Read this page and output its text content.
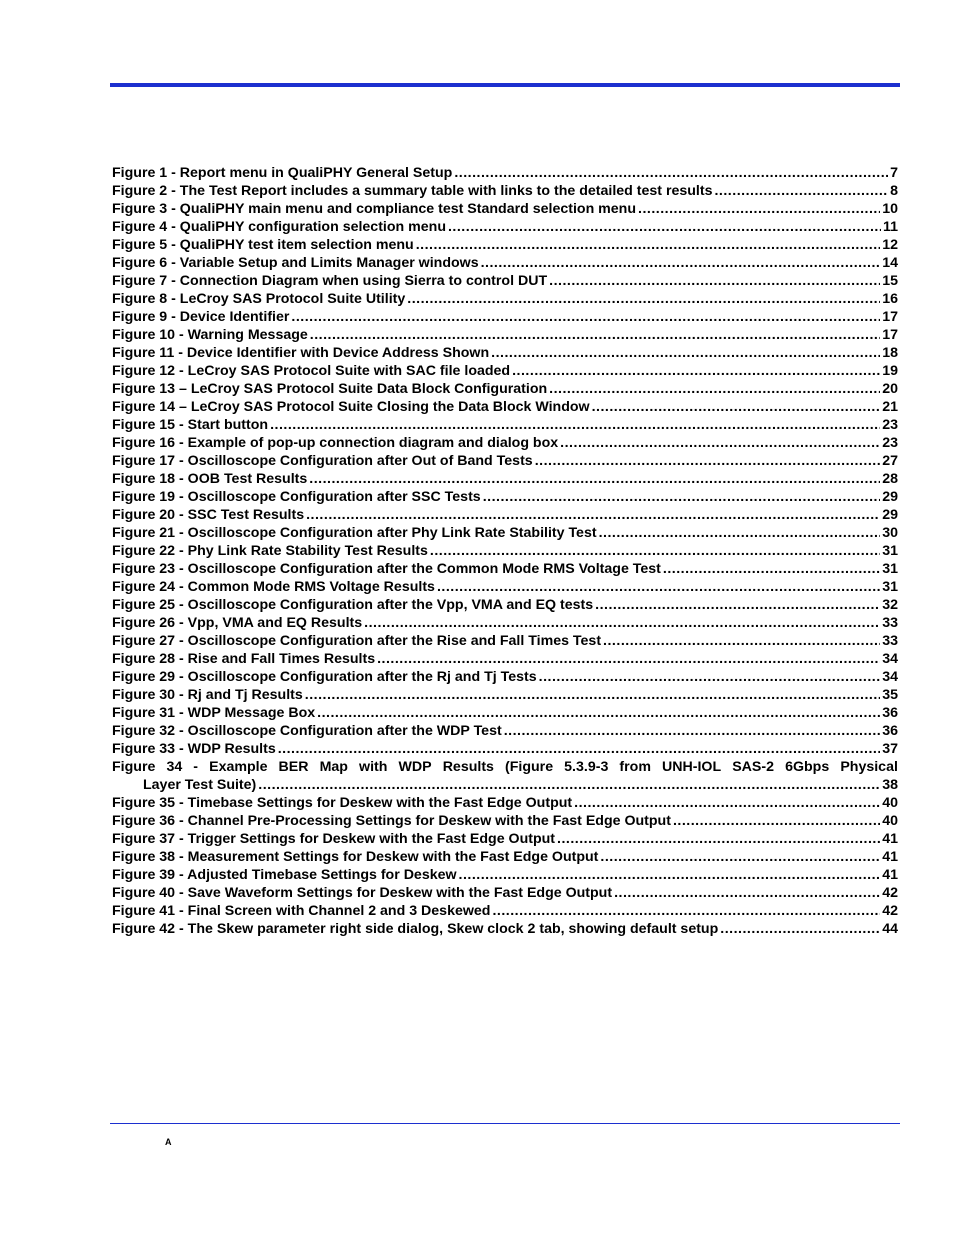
Figure 1 - Report menu in QualiPHY General Setup .....	7
Figure 2 - The Test Report includes a summary table with links to the detailed test results .....	8
Figure 3 - QualiPHY main menu and compliance test Standard selection menu .....	10
Figure 4 - QualiPHY configuration selection menu .....	11
Figure 5 - QualiPHY test item selection menu .....	12
Figure 6 - Variable Setup and Limits Manager windows .....	14
Figure 7 - Connection Diagram when using Sierra to control DUT .....	15
Figure 8 - LeCroy SAS Protocol Suite Utility .....	16
Figure 9 - Device Identifier .....	17
Figure 10 - Warning Message .....	17
Figure 11 - Device Identifier with Device Address Shown .....	18
Figure 12 - LeCroy SAS Protocol Suite with SAC file loaded .....	19
Figure 13 – LeCroy SAS Protocol Suite Data Block Configuration .....	20
Figure 14 – LeCroy SAS Protocol Suite Closing the Data Block Window .....	21
Figure 15 - Start button .....	23
Figure 16 - Example of pop-up connection diagram and dialog box .....	23
Figure 17 - Oscilloscope Configuration after Out of Band Tests .....	27
Figure 18 - OOB Test Results .....	28
Figure 19 - Oscilloscope Configuration after SSC Tests .....	29
Figure 20 - SSC Test Results .....	29
Figure 21 - Oscilloscope Configuration after Phy Link Rate Stability Test .....	30
Figure 22 - Phy Link Rate Stability Test Results .....	31
Figure 23 - Oscilloscope Configuration after the Common Mode RMS Voltage Test .....	31
Figure 24 - Common Mode RMS Voltage Results .....	31
Figure 25 - Oscilloscope Configuration after the Vpp, VMA and EQ tests .....	32
Figure 26 - Vpp, VMA and EQ Results .....	33
Figure 27 - Oscilloscope Configuration after the Rise and Fall Times Test .....	33
Figure 28 - Rise and Fall Times Results .....	34
Figure 29 - Oscilloscope Configuration after the Rj and Tj Tests .....	34
Figure 30 - Rj and Tj Results .....	35
Figure 31 - WDP Message Box .....	36
Figure 32 - Oscilloscope Configuration after the WDP Test .....	36
Figure 33 - WDP Results .....	37
Figure 34 - Example BER Map with WDP Results (Figure 5.3.9-3 from UNH-IOL SAS-2 6Gbps Physical
Layer Test Suite) .....	38
Figure 35 - Timebase Settings for Deskew with the Fast Edge Output .....	40
Figure 36 - Channel Pre-Processing Settings for Deskew with the Fast Edge Output .....	40
Figure 37 - Trigger Settings for Deskew with the Fast Edge Output .....	41
Figure 38 - Measurement Settings for Deskew with the Fast Edge Output .....	41
Figure 39 - Adjusted Timebase Settings for Deskew .....	41
Figure 40 - Save Waveform Settings for Deskew with the Fast Edge Output .....	42
Figure 41 - Final Screen with Channel 2 and 3 Deskewed .....	42
Figure 42 - The Skew parameter right side dialog, Skew clock 2 tab, showing default setup .....	44
A
